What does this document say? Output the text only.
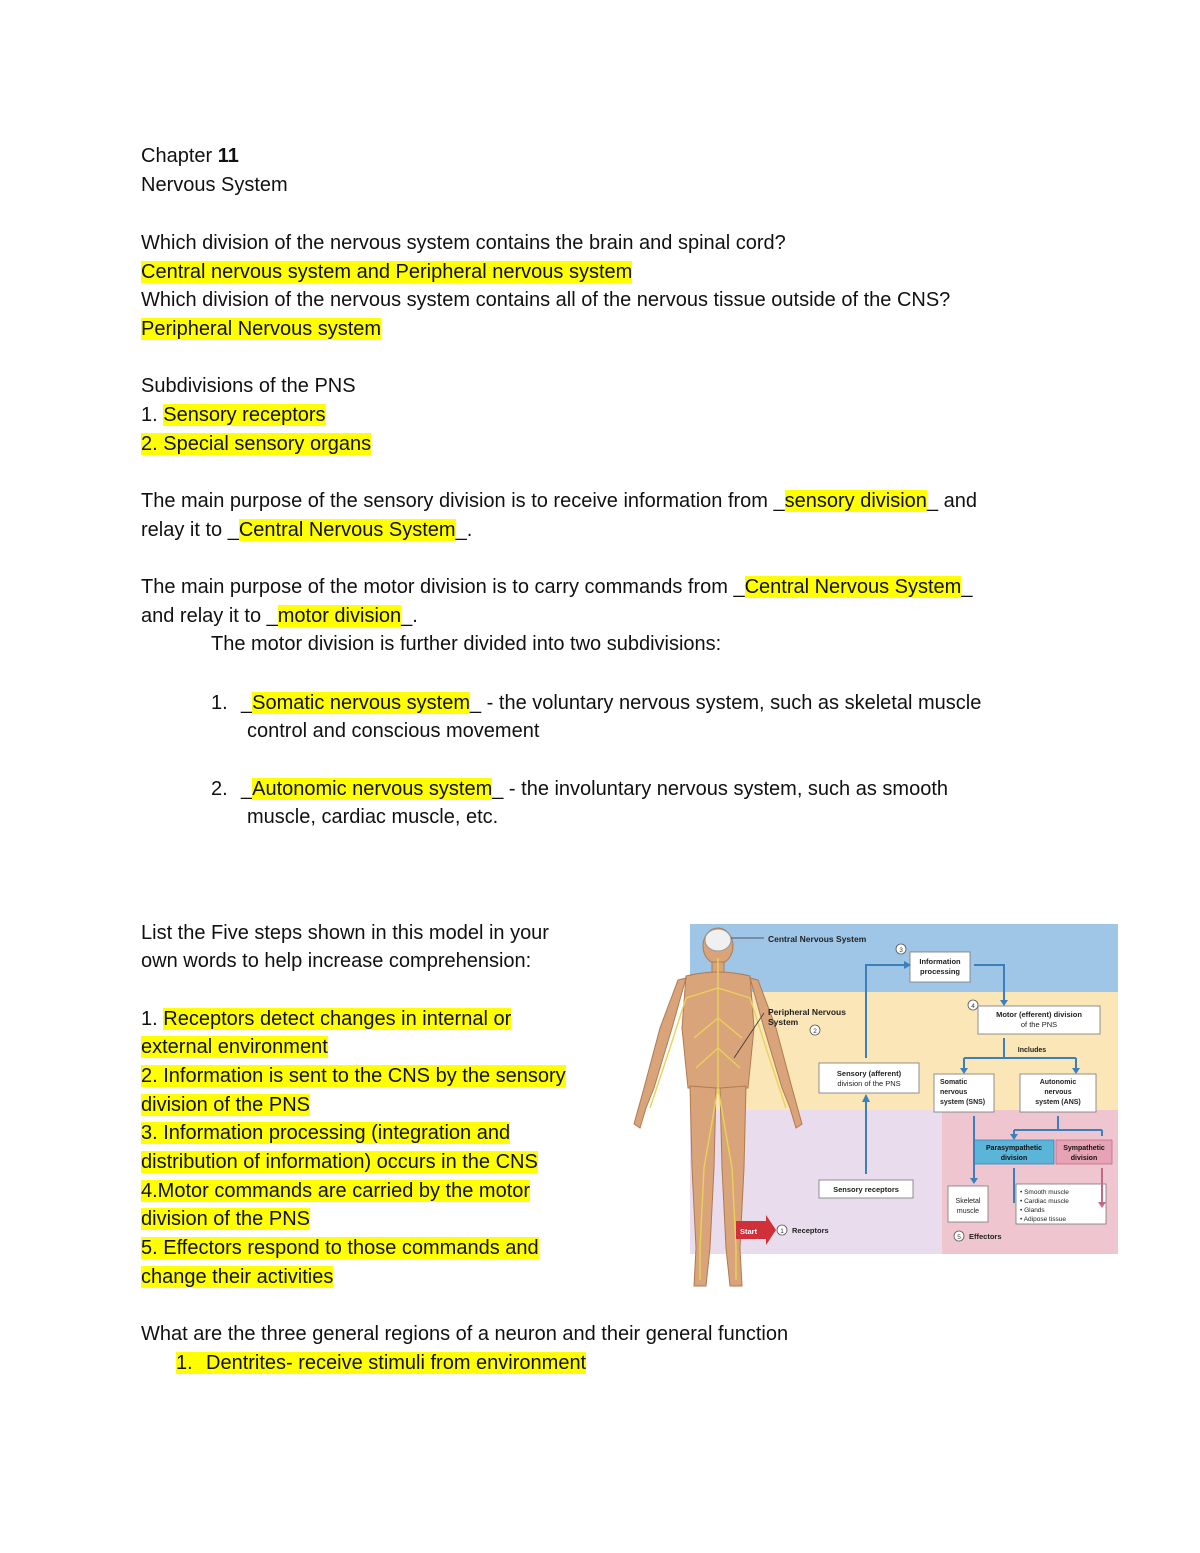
Chapter 11
Nervous System
Which division of the nervous system contains the brain and spinal cord?
Central nervous system and Peripheral nervous system
Which division of the nervous system contains all of the nervous tissue outside of the CNS?
Peripheral Nervous system
Subdivisions of the PNS
1. Sensory receptors
2. Special sensory organs
The main purpose of the sensory division is to receive information from _sensory division_ and
relay it to _Central Nervous System_.
The main purpose of the motor division is to carry commands from _Central Nervous System_
and relay it to _motor division_.
The motor division is further divided into two subdivisions:
1. _Somatic nervous system_ - the voluntary nervous system, such as skeletal muscle
control and conscious movement
2. _Autonomic nervous system_ - the involuntary nervous system, such as smooth
muscle, cardiac muscle, etc.
List the Five steps shown in this model in your
own words to help increase comprehension:
1. Receptors detect changes in internal or
external environment
2. Information is sent to the CNS by the sensory
division of the PNS
3. Information processing (integration and
distribution of information) occurs in the CNS
4.Motor commands are carried by the motor
division of the PNS
5. Effectors respond to those commands and
change their activities
What are the three general regions of a neuron and their general function
1. Dentrites- receive stimuli from environment
Central Nervous System
Peripheral Nervous
System
3
Information
processing
4
Motor (efferent) division
of the PNS
Includes
2
Sensory (afferent)
division of the PNS	Somatic
nervous
system (SNS)
Autonomic
nervous
system (ANS)
Parasympathetic
division
Sympathetic
division
Sensory receptors
Skeletal
muscle
• Smooth muscle
• Cardiac muscle
• Glands
• Adipose tissue
Start	1 Receptors
5 Effectors
